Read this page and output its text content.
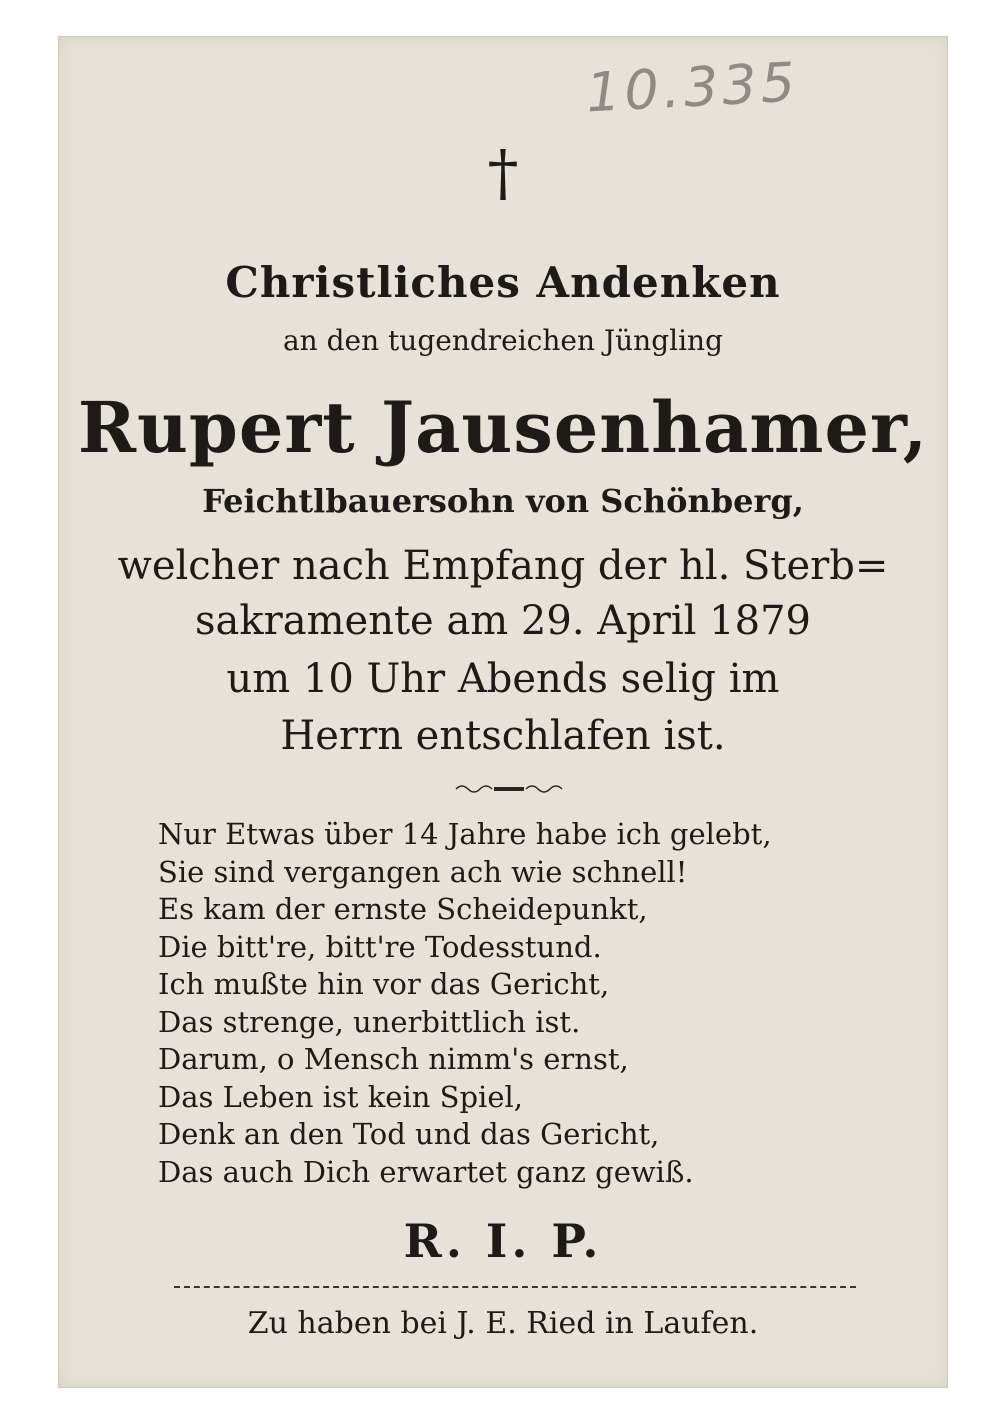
10.335
†
Christliches Andenken
an den tugendreichen Jüngling
Rupert Jausenhamer,
Feichtlbauersohn von Schönberg,
welcher nach Empfang der hl. Sterb=
sakramente am 29. April 1879
um 10 Uhr Abends selig im
Herrn entschlafen ist.
Nur Etwas über 14 Jahre habe ich gelebt,
Sie sind vergangen ach wie schnell!
Es kam der ernste Scheidepunkt,
Die bitt're, bitt're Todesstund.
Ich mußte hin vor das Gericht,
Das strenge, unerbittlich ist.
Darum, o Mensch nimm's ernst,
Das Leben ist kein Spiel,
Denk an den Tod und das Gericht,
Das auch Dich erwartet ganz gewiß.
R. I. P.
Zu haben bei J. E. Ried in Laufen.
